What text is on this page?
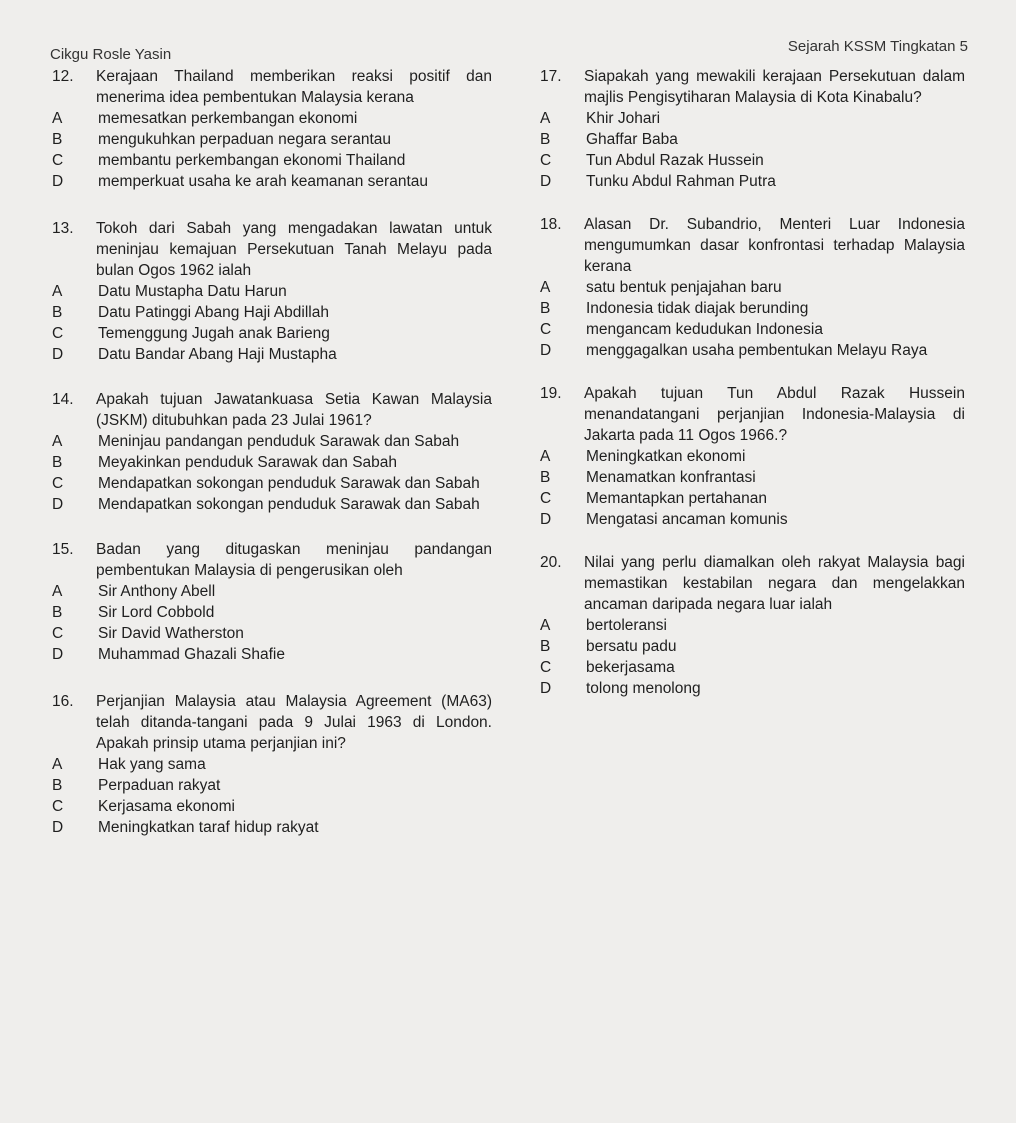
Cikgu Rosle Yasin	Sejarah KSSM Tingkatan 5
12.	Kerajaan Thailand memberikan reaksi positif dan menerima idea pembentukan Malaysia kerana
A	memesatkan perkembangan ekonomi
B	mengukuhkan perpaduan negara serantau
C	membantu perkembangan ekonomi Thailand
D	memperkuat usaha ke arah keamanan serantau
13.	Tokoh dari Sabah yang mengadakan lawatan untuk meninjau kemajuan Persekutuan Tanah Melayu pada bulan Ogos 1962 ialah
A	Datu Mustapha Datu Harun
B	Datu Patinggi Abang Haji Abdillah
C	Temenggung Jugah anak Barieng
D	Datu Bandar Abang Haji Mustapha
14.	Apakah tujuan Jawatankuasa Setia Kawan Malaysia (JSKM) ditubuhkan pada 23 Julai 1961?
A	Meninjau pandangan penduduk Sarawak dan Sabah
B	Meyakinkan penduduk Sarawak dan Sabah
C	Mendapatkan sokongan penduduk Sarawak dan Sabah
D	Mendapatkan sokongan penduduk Sarawak dan Sabah
15.	Badan yang ditugaskan meninjau pandangan pembentukan Malaysia di pengerusikan oleh
A	Sir Anthony Abell
B	Sir Lord Cobbold
C	Sir David Watherston
D	Muhammad Ghazali Shafie
16.	Perjanjian Malaysia atau Malaysia Agreement (MA63) telah ditanda-tangani pada 9 Julai 1963 di London. Apakah prinsip utama perjanjian ini?
A	Hak yang sama
B	Perpaduan rakyat
C	Kerjasama ekonomi
D	Meningkatkan taraf hidup rakyat
17.	Siapakah yang mewakili kerajaan Persekutuan dalam majlis Pengisytiharan Malaysia di Kota Kinabalu?
A	Khir Johari
B	Ghaffar Baba
C	Tun Abdul Razak Hussein
D	Tunku Abdul Rahman Putra
18.	Alasan Dr. Subandrio, Menteri Luar Indonesia mengumumkan dasar konfrontasi terhadap Malaysia kerana
A	satu bentuk penjajahan baru
B	Indonesia tidak diajak berunding
C	mengancam kedudukan Indonesia
D	menggagalkan usaha pembentukan Melayu Raya
19.	Apakah tujuan Tun Abdul Razak Hussein menandatangani perjanjian Indonesia-Malaysia di Jakarta pada 11 Ogos 1966.?
A	Meningkatkan ekonomi
B	Menamatkan konfrantasi
C	Memantapkan pertahanan
D	Mengatasi ancaman komunis
20.	Nilai yang perlu diamalkan oleh rakyat Malaysia bagi memastikan kestabilan negara dan mengelakkan ancaman daripada negara luar ialah
A	bertoleransi
B	bersatu padu
C	bekerjasama
D	tolong menolong
